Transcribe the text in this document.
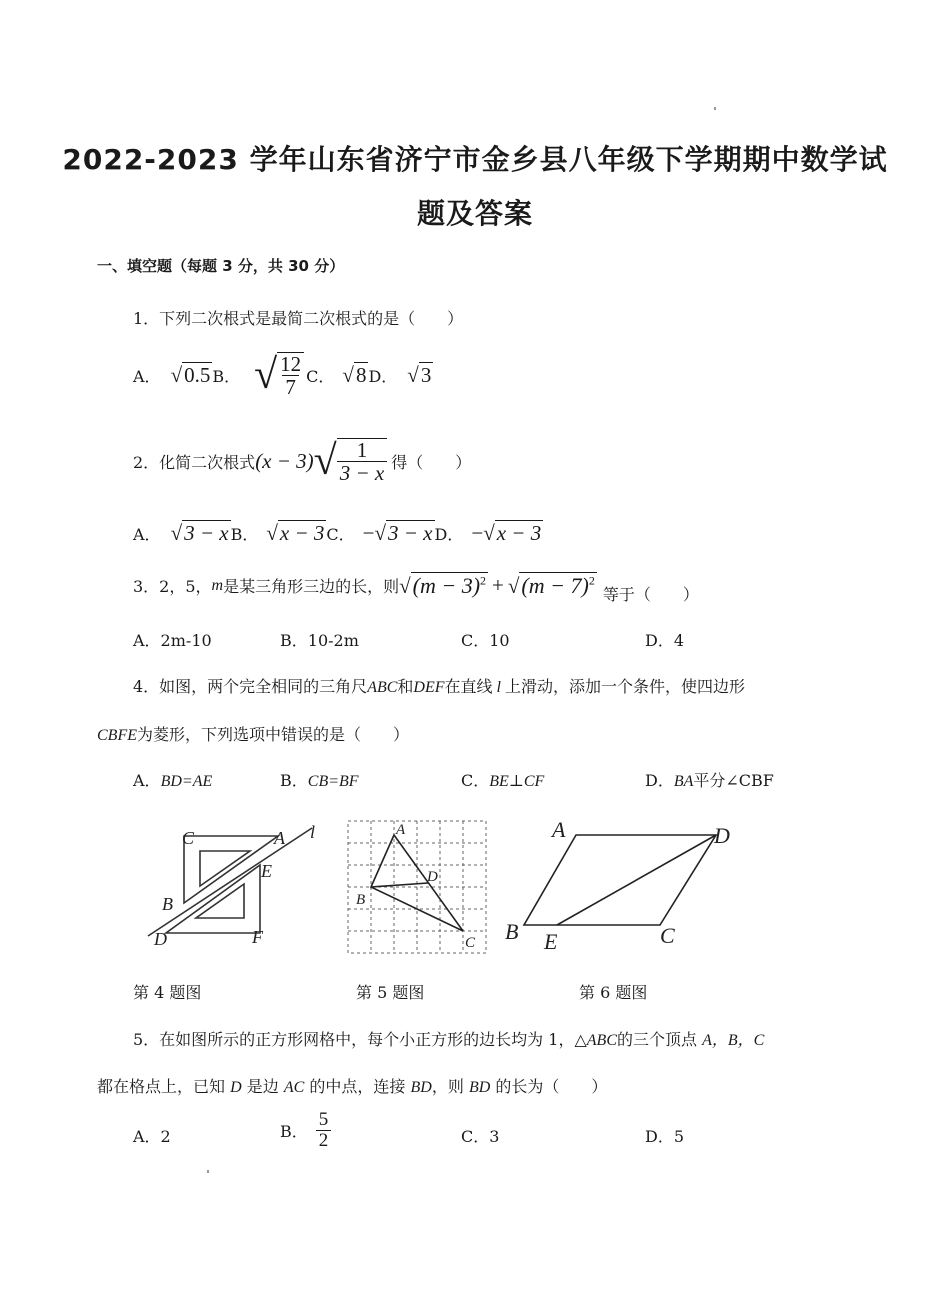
2022-2023 学年山东省济宁市金乡县八年级下学期期中数学试
题及答案
一、填空题（每题 3 分，共 30 分）
1．下列二次根式是最简二次根式的是（　　）
A． √0.5 B． √ $\frac{12}{7}$ C． √8 D． √3
2．化简二次根式 (x − 3) √ $\frac{1}{3 - x}$ 得（　　）
A． √3 − x B． √x − 3 C． − √3 − x D． − √x − 3
3．2，5， m 是某三角形三边的长，则 $√(m - 3)^2 + √(m - 7)^2$
等于（　　）
A．2m-10	B．10-2m	C．10	D．4
4．如图，两个完全相同的三角尺ABC和DEF在直线 l 上滑动，添加一个条件，使四边形
CBFE为菱形，下列选项中错误的是（　　）
A．BD=AE	B．CB=BF	C．BE⊥CF	D．BA平分∠CBF
C	A l
E
B
D	F
A
D
B
C
A	D
B E	C
第 4 题图	第 5 题图	第 6 题图
5．在如图所示的正方形网格中，每个小正方形的边长均为 1，△ABC的三个顶点 A，B，C
都在格点上，已知 D 是边 AC 的中点，连接 BD，则 BD 的长为（　　）
A．2	B． $\frac{5}{2}$	C．3	D．5
